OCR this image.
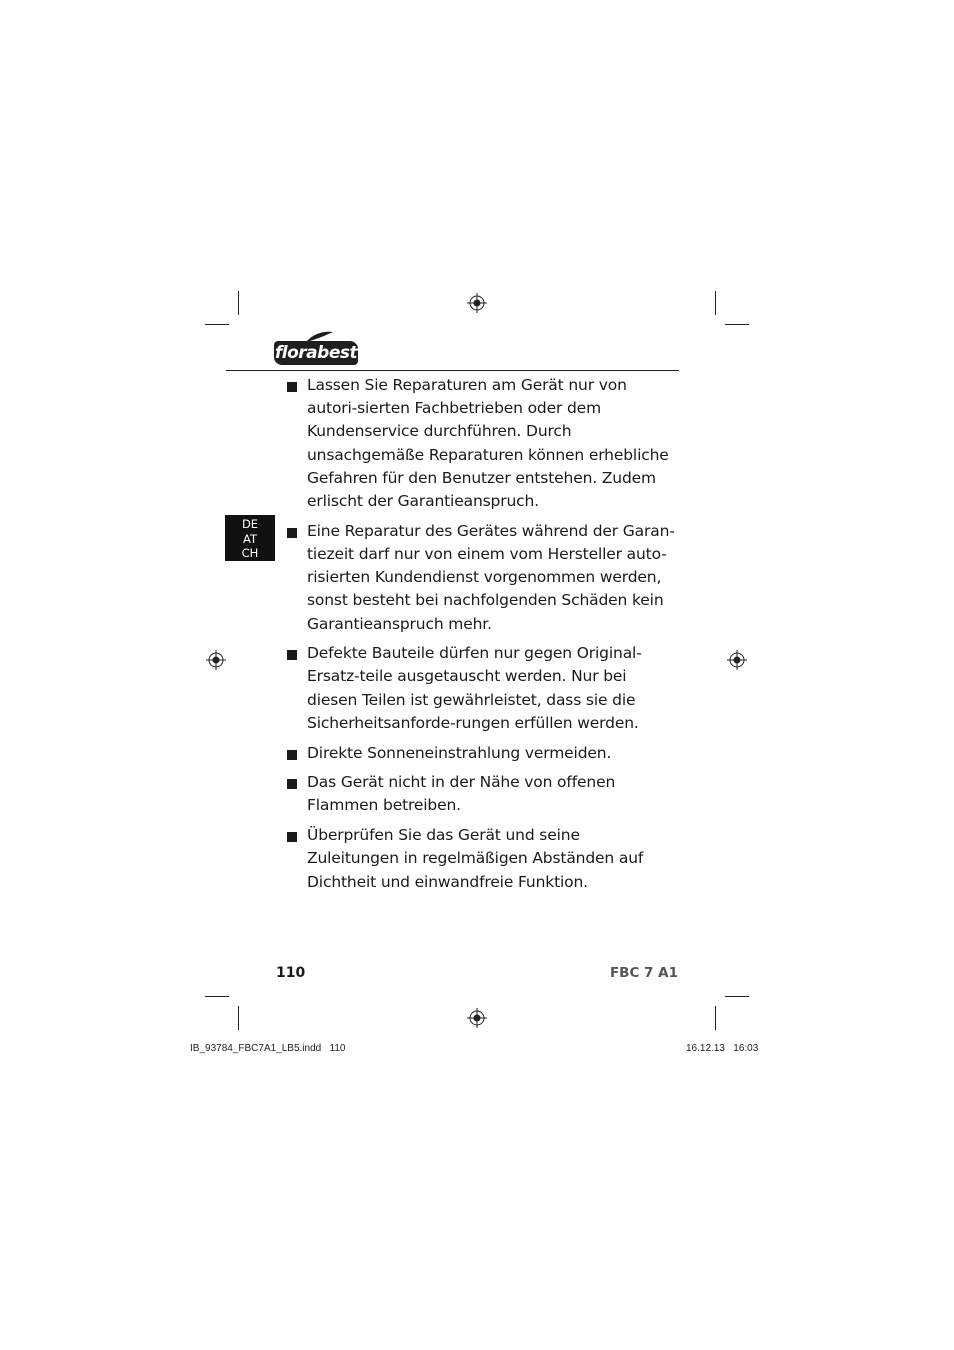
florabest
DE
AT
CH
Lassen Sie Reparaturen am Gerät nur von autori-sierten Fachbetrieben oder dem Kundenservice durchführen. Durch unsachgemäße Reparaturen können erhebliche Gefahren für den Benutzer entstehen. Zudem erlischt der Garantieanspruch.
Eine Reparatur des Gerätes während der Garan-tiezeit darf nur von einem vom Hersteller auto-risierten Kundendienst vorgenommen werden, sonst besteht bei nachfolgenden Schäden kein Garantieanspruch mehr.
Defekte Bauteile dürfen nur gegen Original-Ersatz-teile ausgetauscht werden. Nur bei diesen Teilen ist gewährleistet, dass sie die Sicherheitsanforde-rungen erfüllen werden.
Direkte Sonneneinstrahlung vermeiden.
Das Gerät nicht in der Nähe von offenen Flammen betreiben.
Überprüfen Sie das Gerät und seine Zuleitungen in regelmäßigen Abständen auf Dichtheit und einwandfreie Funktion.
110	FBC 7 A1
IB_93784_FBC7A1_LB5.indd   110	16.12.13   16:03
